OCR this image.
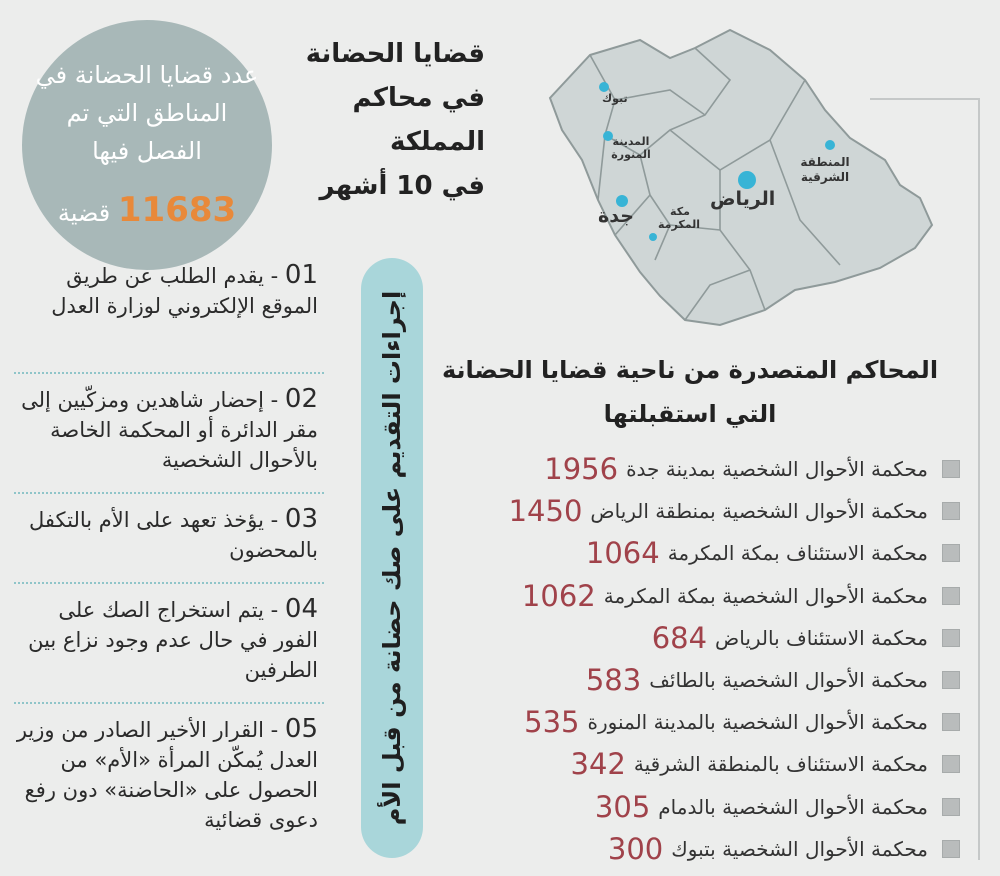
عدد قضايا الحضانة في المناطق التي تم الفصل فيها
11683 قضية
قضايا الحضانة
في محاكم
المملكة
في 10 أشهر
تبوك
المدينة المنورة
المنطقة الشرقية
الرياض
جدة	مكة المكرمة
إجراءات التقديم على صك حضانة من قبل الأم
01 - يقدم الطلب عن طريق الموقع الإلكتروني لوزارة العدل
02 - إحضار شاهدين ومزكّيين إلى مقر الدائرة أو المحكمة الخاصة بالأحوال الشخصية
03 - يؤخذ تعهد على الأم بالتكفل بالمحضون
04 - يتم استخراج الصك على الفور في حال عدم وجود نزاع بين الطرفين
05 - القرار الأخير الصادر من وزير العدل يُمكّن المرأة «الأم» من الحصول على «الحاضنة» دون رفع دعوى قضائية
المحاكم المتصدرة من ناحية قضايا الحضانة التي استقبلتها
محكمة الأحوال الشخصية بمدينة جدة
1956
محكمة الأحوال الشخصية بمنطقة الرياض
1450
محكمة الاستئناف بمكة المكرمة
1064
محكمة الأحوال الشخصية بمكة المكرمة
1062
محكمة الاستئناف بالرياض
684
محكمة الأحوال الشخصية بالطائف
583
محكمة الأحوال الشخصية بالمدينة المنورة
535
محكمة الاستئناف بالمنطقة الشرقية
342
محكمة الأحوال الشخصية بالدمام
305
محكمة الأحوال الشخصية بتبوك
300
